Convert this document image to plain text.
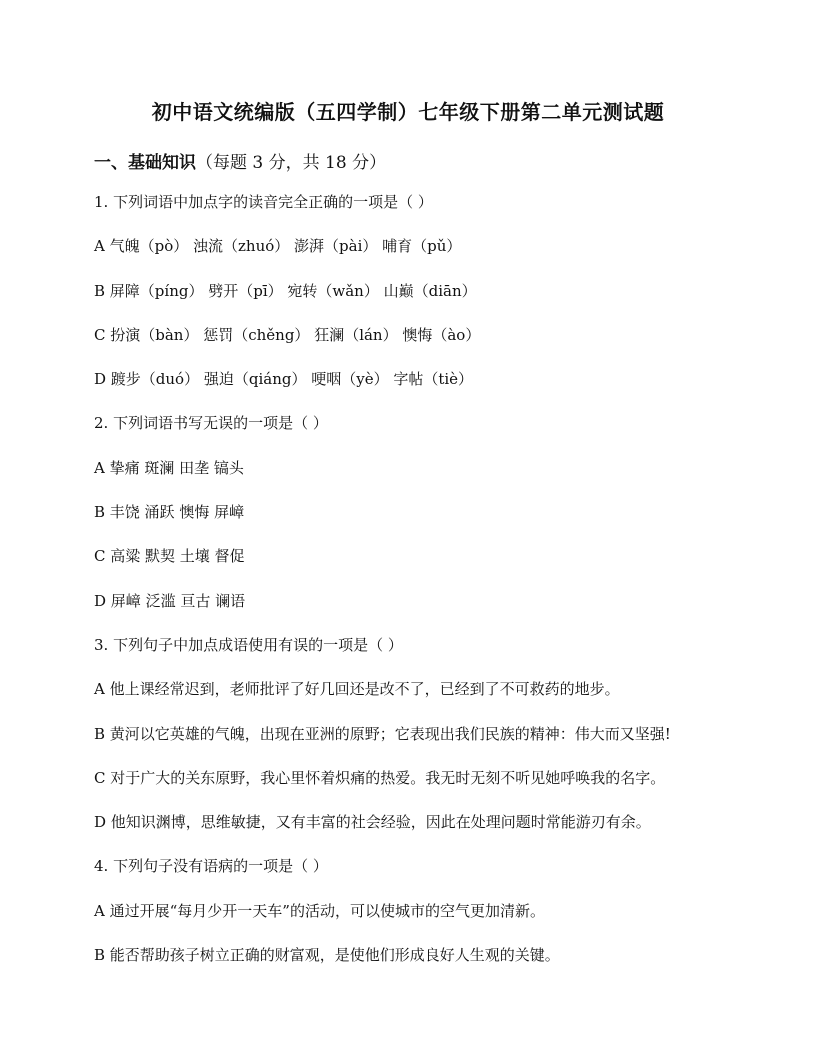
初中语文统编版（五四学制）七年级下册第二单元测试题
一、基础知识（每题 3 分，共 18 分）
1. 下列词语中加点字的读音完全正确的一项是（ ）
A 气魄（pò） 浊流（zhuó） 澎湃（pài） 哺育（pǔ）
B 屏障（píng） 劈开（pī） 宛转（wǎn） 山巅（diān）
C 扮演（bàn） 惩罚（chěng） 狂澜（lán） 懊悔（ào）
D 踱步（duó） 强迫（qiáng） 哽咽（yè） 字帖（tiè）
2. 下列词语书写无误的一项是（ ）
A 挚痛 斑澜 田垄 镐头
B 丰饶 涌跃 懊悔 屏嶂
C 高粱 默契 土壤 督促
D 屏嶂 泛滥 亘古 谰语
3. 下列句子中加点成语使用有误的一项是（ ）
A 他上课经常迟到，老师批评了好几回还是改不了，已经到了不可救药的地步。
B 黄河以它英雄的气魄，出现在亚洲的原野；它表现出我们民族的精神：伟大而又坚强!
C 对于广大的关东原野，我心里怀着炽痛的热爱。我无时无刻不听见她呼唤我的名字。
D 他知识渊博，思维敏捷，又有丰富的社会经验，因此在处理问题时常能游刃有余。
4. 下列句子没有语病的一项是（ ）
A 通过开展“每月少开一天车”的活动，可以使城市的空气更加清新。
B 能否帮助孩子树立正确的财富观，是使他们形成良好人生观的关键。
